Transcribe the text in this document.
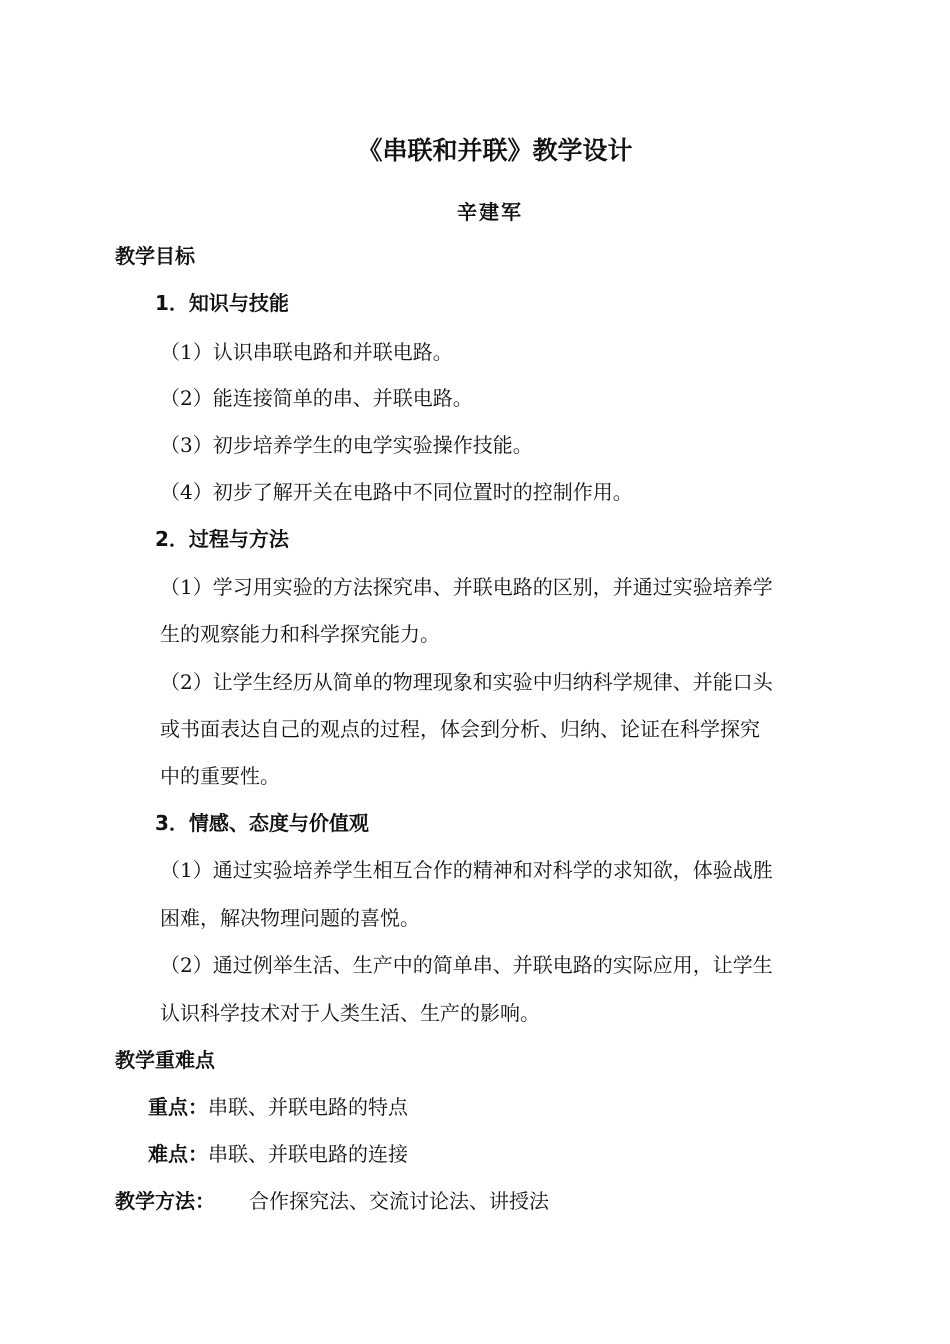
《串联和并联》教学设计
辛建军
教学目标
1．知识与技能
（1）认识串联电路和并联电路。
（2）能连接简单的串、并联电路。
（3）初步培养学生的电学实验操作技能。
（4）初步了解开关在电路中不同位置时的控制作用。
2．过程与方法
（1）学习用实验的方法探究串、并联电路的区别，并通过实验培养学
生的观察能力和科学探究能力。
（2）让学生经历从简单的物理现象和实验中归纳科学规律、并能口头
或书面表达自己的观点的过程，体会到分析、归纳、论证在科学探究
中的重要性。
3．情感、态度与价值观
（1）通过实验培养学生相互合作的精神和对科学的求知欲，体验战胜
困难，解决物理问题的喜悦。
（2）通过例举生活、生产中的简单串、并联电路的实际应用，让学生
认识科学技术对于人类生活、生产的影响。
教学重难点
重点：串联、并联电路的特点
难点：串联、并联电路的连接
教学方法： 合作探究法、交流讨论法、讲授法
